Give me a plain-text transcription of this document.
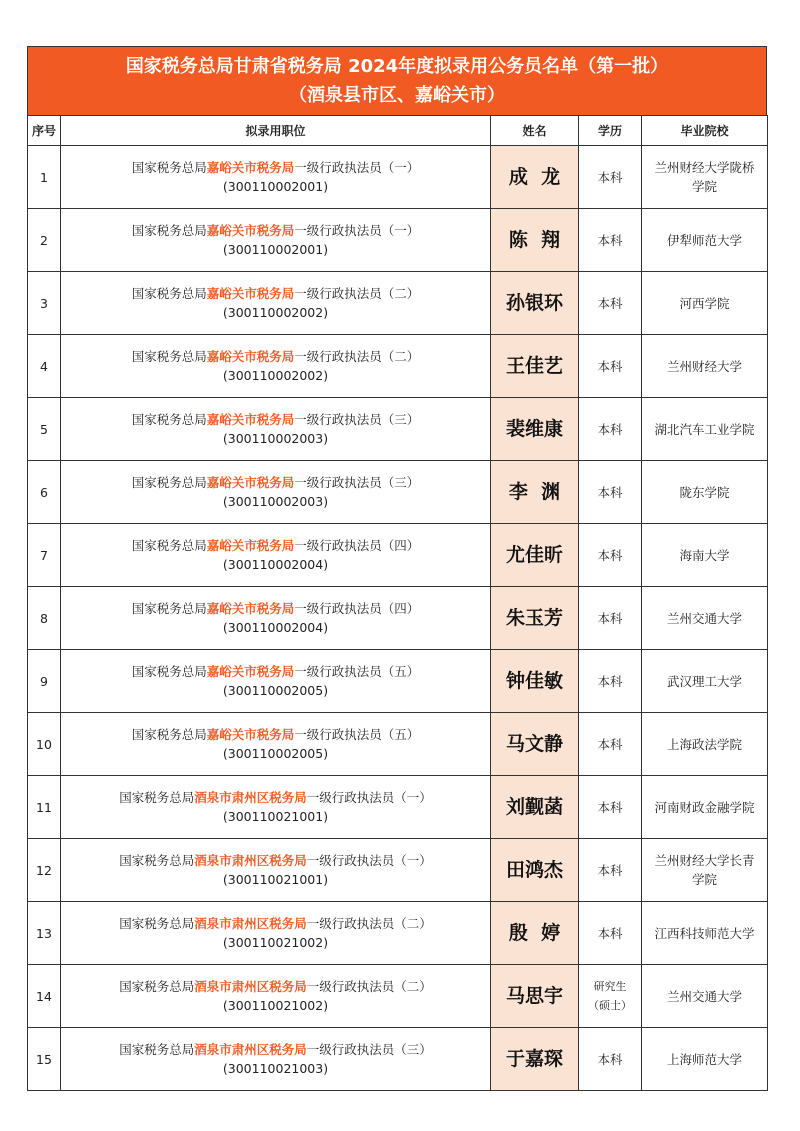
国家税务总局甘肃省税务局 2024年度拟录用公务员名单（第一批）
（酒泉县市区、嘉峪关市）
序号	拟录用职位	姓名	学历	毕业院校
1	国家税务总局嘉峪关市税务局一级行政执法员（一）
(300110002001)	成  龙	本科	兰州财经大学陇桥学院
2	国家税务总局嘉峪关市税务局一级行政执法员（一）
(300110002001)	陈  翔	本科	伊犁师范大学
3	国家税务总局嘉峪关市税务局一级行政执法员（二）
(300110002002)	孙银环	本科	河西学院
4	国家税务总局嘉峪关市税务局一级行政执法员（二）
(300110002002)	王佳艺	本科	兰州财经大学
5	国家税务总局嘉峪关市税务局一级行政执法员（三）
(300110002003)	裴维康	本科	湖北汽车工业学院
6	国家税务总局嘉峪关市税务局一级行政执法员（三）
(300110002003)	李  渊	本科	陇东学院
7	国家税务总局嘉峪关市税务局一级行政执法员（四）
(300110002004)	尤佳昕	本科	海南大学
8	国家税务总局嘉峪关市税务局一级行政执法员（四）
(300110002004)	朱玉芳	本科	兰州交通大学
9	国家税务总局嘉峪关市税务局一级行政执法员（五）
(300110002005)	钟佳敏	本科	武汉理工大学
10	国家税务总局嘉峪关市税务局一级行政执法员（五）
(300110002005)	马文静	本科	上海政法学院
11	国家税务总局酒泉市肃州区税务局一级行政执法员（一）
(300110021001)	刘觐菡	本科	河南财政金融学院
12	国家税务总局酒泉市肃州区税务局一级行政执法员（一）
(300110021001)	田鸿杰	本科	兰州财经大学长青学院
13	国家税务总局酒泉市肃州区税务局一级行政执法员（二）
(300110021002)	殷  婷	本科	江西科技师范大学
14	国家税务总局酒泉市肃州区税务局一级行政执法员（二）
(300110021002)	马思宇	研究生（硕士）	兰州交通大学
15	国家税务总局酒泉市肃州区税务局一级行政执法员（三）
(300110021003)	于嘉琛	本科	上海师范大学
